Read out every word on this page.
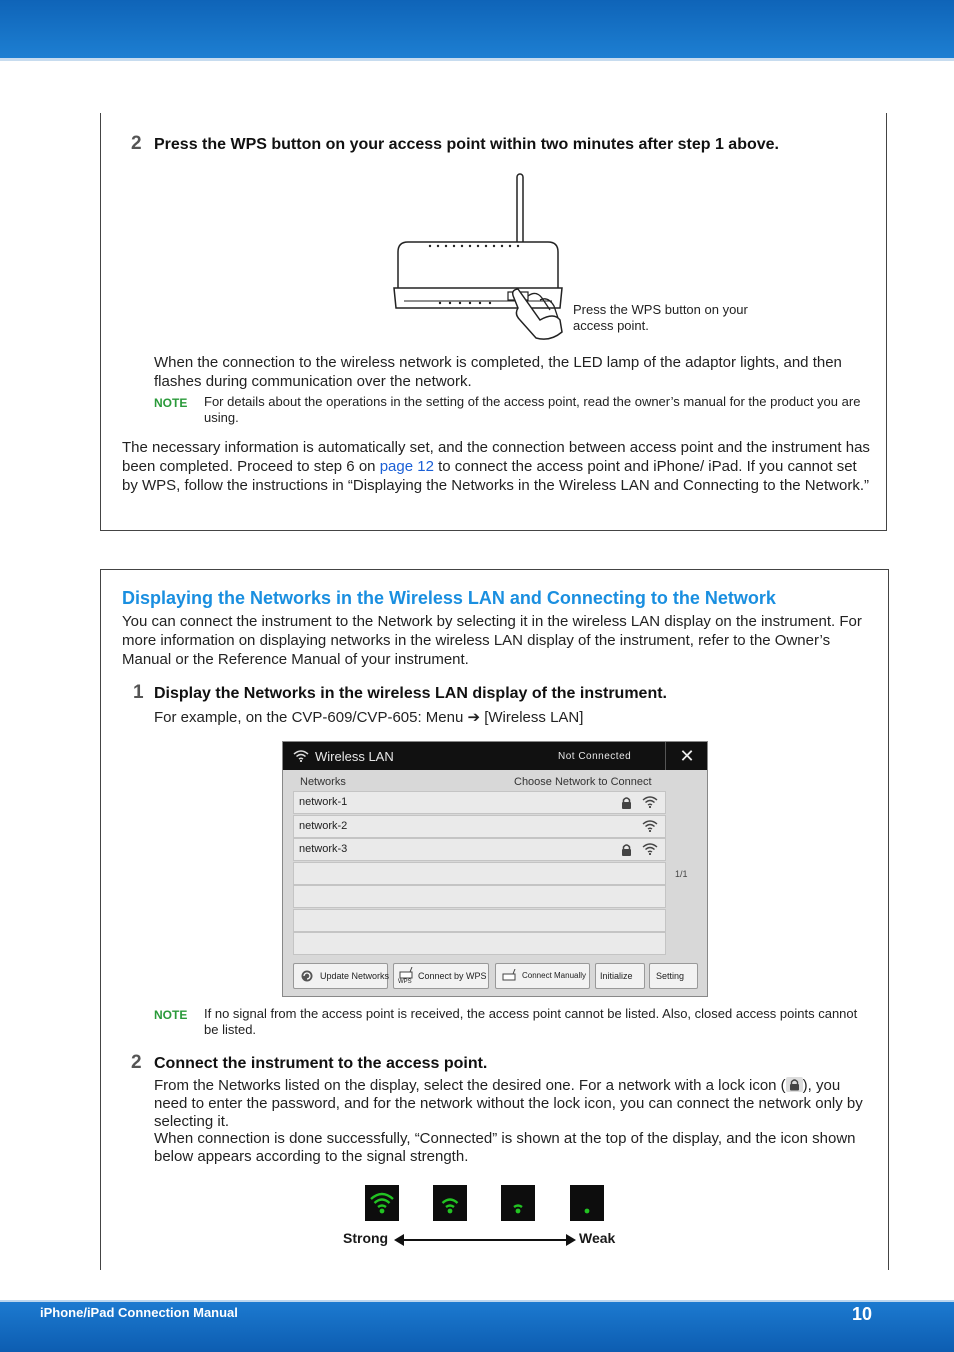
2 Press the WPS button on your access point within two minutes after step 1 above.
Press the WPS button on your access point.
When the connection to the wireless network is completed, the LED lamp of the adaptor lights, and then flashes during communication over the network.
NOTE For details about the operations in the setting of the access point, read the owner’s manual for the product you are using.
The necessary information is automatically set, and the connection between access point and the instrument has been completed. Proceed to step 6 on page 12 to connect the access point and iPhone/ iPad. If you cannot set by WPS, follow the instructions in “Displaying the Networks in the Wireless LAN and Connecting to the Network.”
Displaying the Networks in the Wireless LAN and Connecting to the Network
You can connect the instrument to the Network by selecting it in the wireless LAN display on the instrument. For more information on displaying networks in the wireless LAN display of the instrument, refer to the Owner’s Manual or the Reference Manual of your instrument.
1 Display the Networks in the wireless LAN display of the instrument.
For example, on the CVP-609/CVP-605: Menu ➔ [Wireless LAN]
Wireless LAN	Not Connected	✕
Networks	Choose Network to Connect
network-1
network-2
network-3
1/1
Update Networks
WPS
Connect by WPS	Connect Manually Initialize	Setting
NOTE If no signal from the access point is received, the access point cannot be listed. Also, closed access points cannot be listed.
2 Connect the instrument to the access point.
From the Networks listed on the display, select the desired one. For a network with a lock icon ( ), you need to enter the password, and for the network without the lock icon, you can connect the network only by selecting it.
When connection is done successfully, “Connected” is shown at the top of the display, and the icon shown below appears according to the signal strength.
Strong	Weak
iPhone/iPad Connection Manual	10
